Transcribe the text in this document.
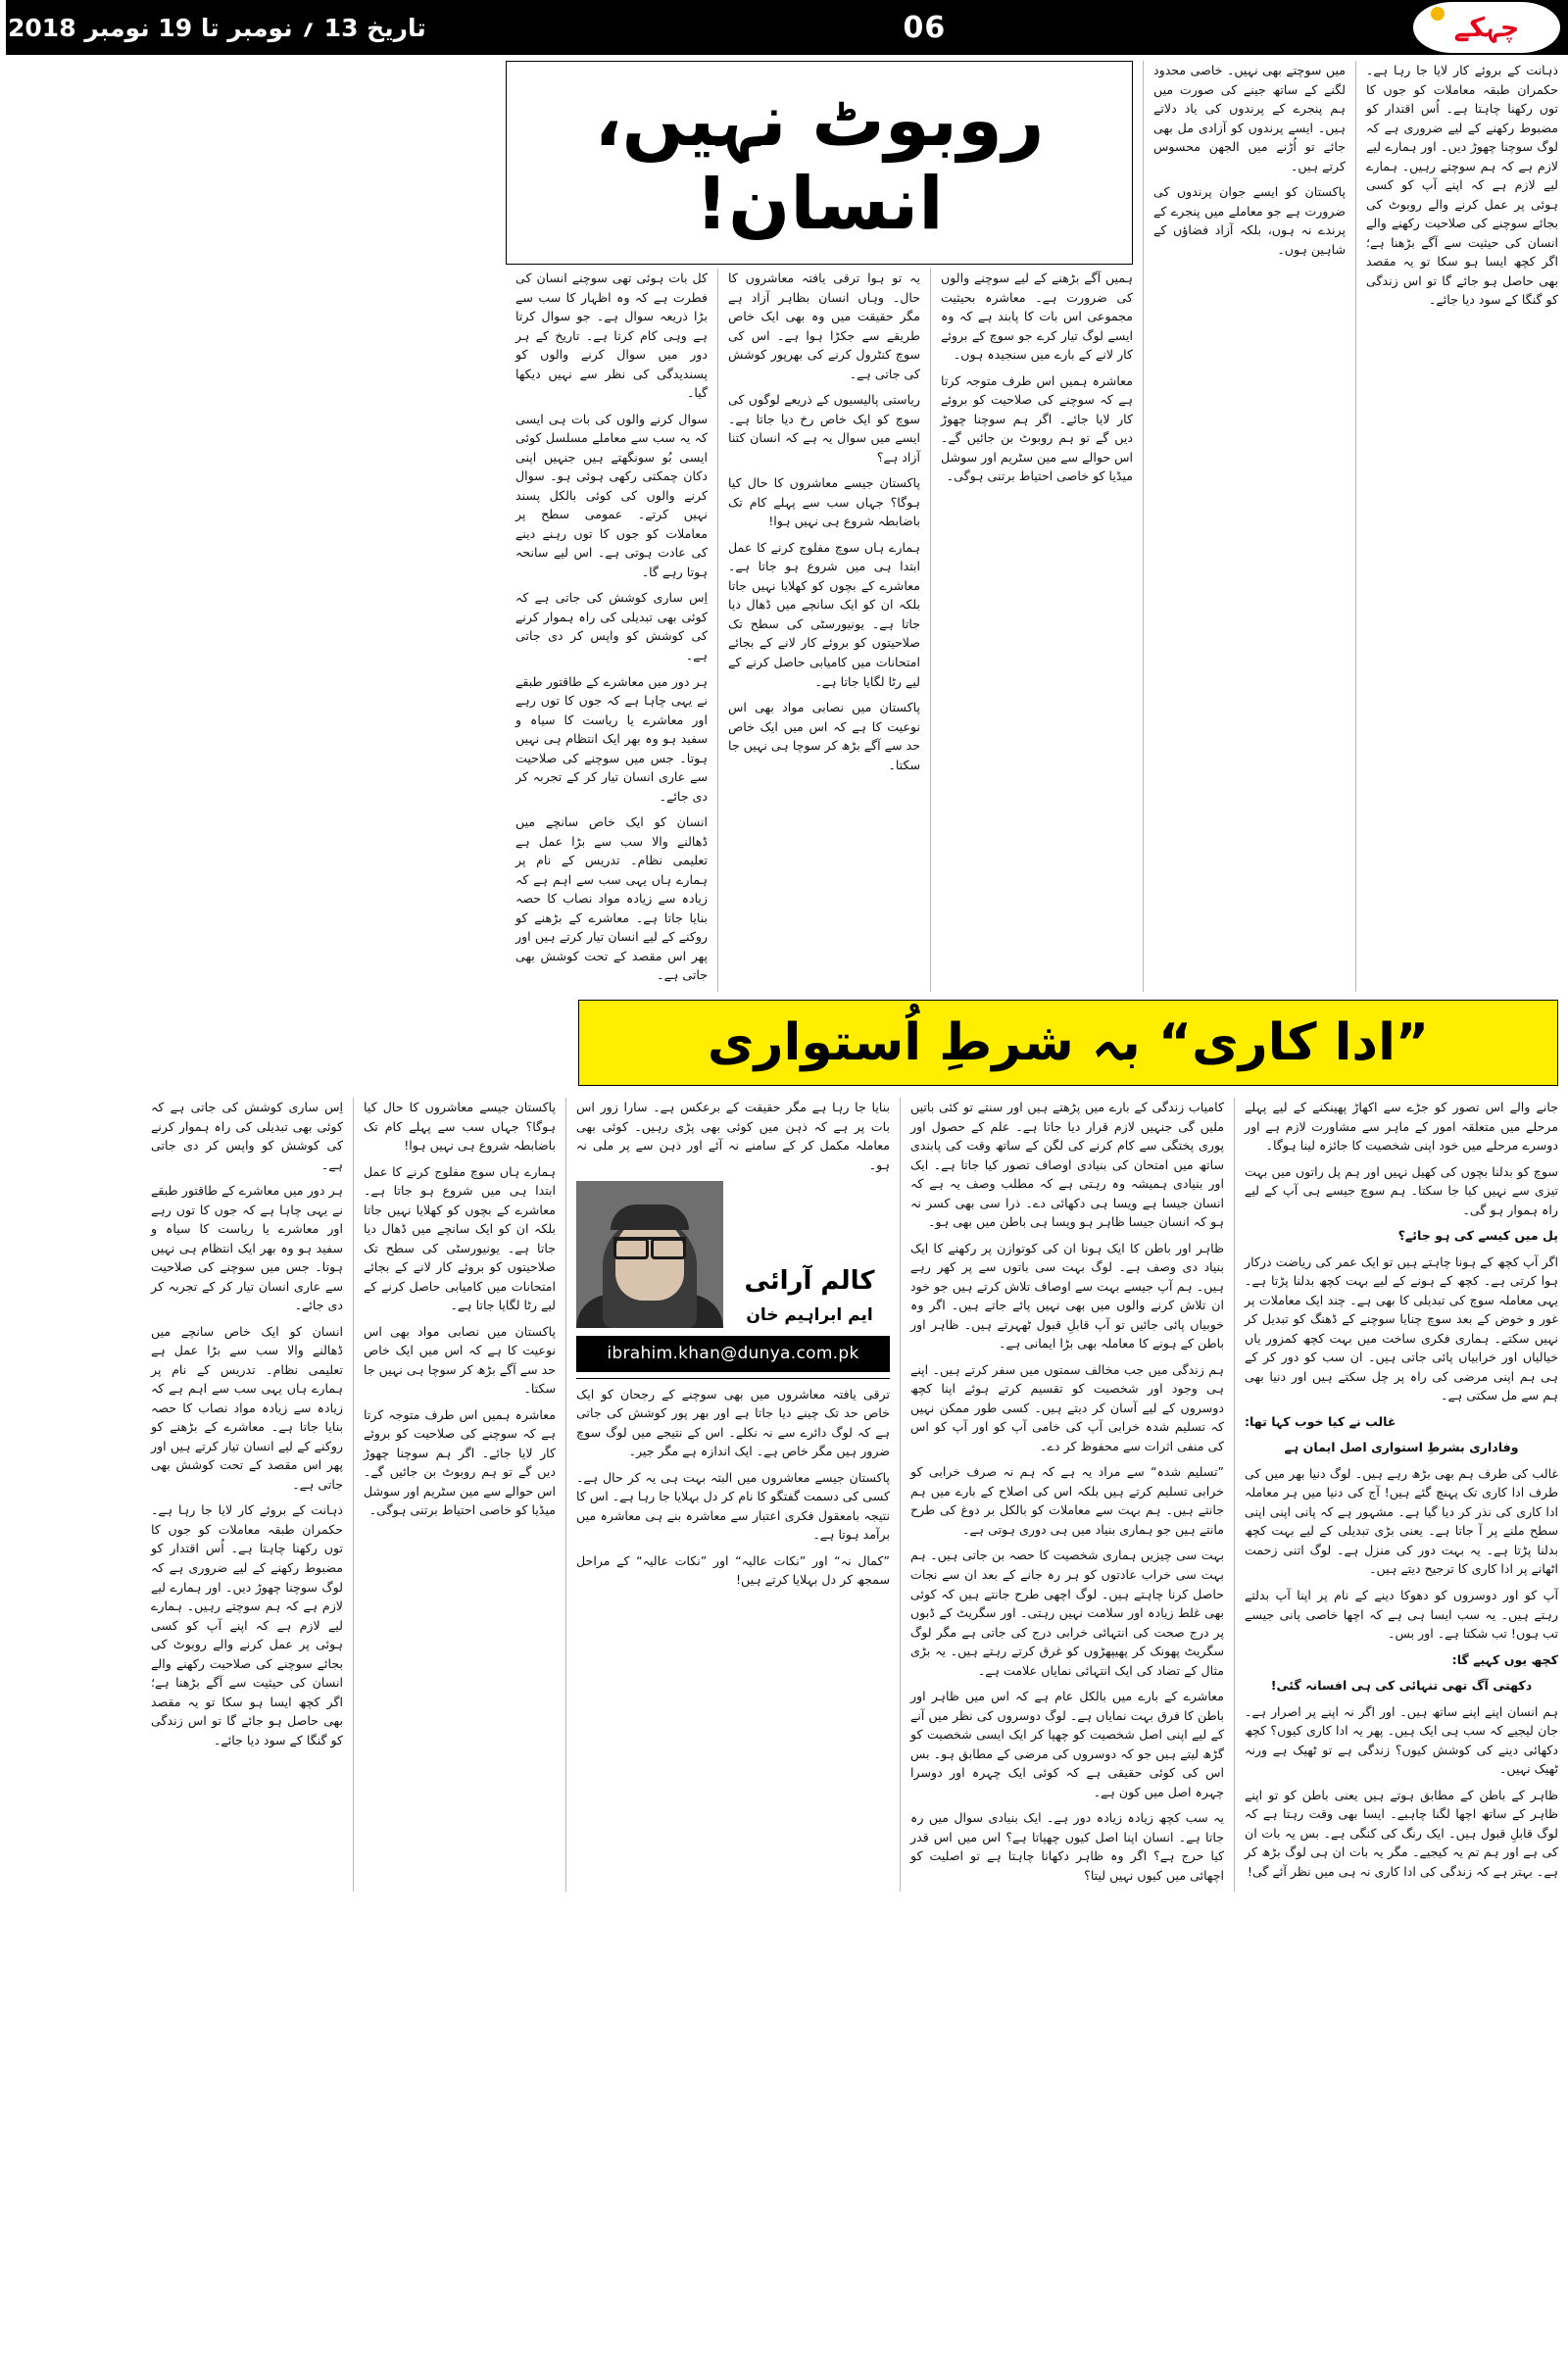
چہکے
06
تاریخ 13 ؍ نومبر تا 19 نومبر 2018

ذہانت کے بروئے کار لایا جا رہا ہے۔ حکمران طبقہ معاملات کو جوں کا توں رکھنا چاہتا ہے۔ اُس اقتدار کو مضبوط رکھنے کے لیے ضروری ہے کہ لوگ سوچنا چھوڑ دیں۔ اور ہمارے لیے لازم ہے کہ ہم سوچتے رہیں۔ ہمارے لیے لازم ہے کہ اپنے آپ کو کسی ہوئی پر عمل کرنے والے روبوٹ کی بجائے سوچنے کی صلاحیت رکھنے والے انسان کی حیثیت سے آگے بڑھنا ہے؛ اگر کچھ ایسا ہو سکا تو یہ مقصد بھی حاصل ہو جائے گا تو اس زندگی کو گنگا کے سود دیا جائے۔

میں سوچتے بھی نہیں۔ خاصی محدود لگنے کے ساتھ جینے کی صورت میں ہم پنجرے کے پرندوں کی یاد دلاتے ہیں۔ ایسے پرندوں کو آزادی مل بھی جائے تو اُڑنے میں الجھن محسوس کرتے ہیں۔

پاکستان کو ایسے جوان پرندوں کی ضرورت ہے جو معاملے میں پنجرے کے پرندے نہ ہوں، بلکہ آزاد فضاؤں کے شاہین ہوں۔

روبوٹ نہیں، انسان!

ہمیں آگے بڑھنے کے لیے سوچنے والوں کی ضرورت ہے۔ معاشرہ بحیثیت مجموعی اس بات کا پابند ہے کہ وہ ایسے لوگ تیار کرے جو سوچ کے بروئے کار لانے کے بارے میں سنجیدہ ہوں۔

معاشرہ ہمیں اس طرف متوجہ کرتا ہے کہ سوچنے کی صلاحیت کو بروئے کار لایا جائے۔ اگر ہم سوچنا چھوڑ دیں گے تو ہم روبوٹ بن جائیں گے۔ اس حوالے سے مین سٹریم اور سوشل میڈیا کو خاصی احتیاط برتنی ہوگی۔

یہ تو ہوا ترقی یافتہ معاشروں کا حال۔ وہاں انسان بظاہر آزاد ہے مگر حقیقت میں وہ بھی ایک خاص طریقے سے جکڑا ہوا ہے۔ اس کی سوچ کنٹرول کرنے کی بھرپور کوشش کی جاتی ہے۔

ریاستی پالیسیوں کے ذریعے لوگوں کی سوچ کو ایک خاص رخ دیا جاتا ہے۔ ایسے میں سوال یہ ہے کہ انسان کتنا آزاد ہے؟

پاکستان جیسے معاشروں کا حال کیا ہوگا؟ جہاں سب سے پہلے کام تک باضابطہ شروع ہی نہیں ہوا!

ہمارے ہاں سوچ مفلوج کرنے کا عمل ابتدا ہی میں شروع ہو جاتا ہے۔ معاشرے کے بچوں کو کھلایا نہیں جاتا بلکہ ان کو ایک سانچے میں ڈھال دیا جاتا ہے۔ یونیورسٹی کی سطح تک صلاحیتوں کو بروئے کار لانے کے بجائے امتحانات میں کامیابی حاصل کرنے کے لیے رٹا لگایا جاتا ہے۔

پاکستان میں نصابی مواد بھی اس نوعیت کا ہے کہ اس میں ایک خاص حد سے آگے بڑھ کر سوچا ہی نہیں جا سکتا۔

کل بات ہوئی تھی سوچنے انسان کی فطرت ہے کہ وہ اظہار کا سب سے بڑا ذریعہ سوال ہے۔ جو سوال کرتا ہے وہی کام کرتا ہے۔ تاریخ کے ہر دور میں سوال کرنے والوں کو پسندیدگی کی نظر سے نہیں دیکھا گیا۔

سوال کرنے والوں کی بات ہی ایسی کہ یہ سب سے معاملے مسلسل کوئی ایسی بُو سونگھتے ہیں جنہیں اپنی دکان چمکتی رکھی ہوئی ہو۔ سوال کرنے والوں کی کوئی بالکل پسند نہیں کرتے۔ عمومی سطح پر معاملات کو جوں کا توں رہنے دینے کی عادت ہوتی ہے۔ اس لیے سانحہ ہوتا رہے گا۔

اِس ساری کوشش کی جاتی ہے کہ کوئی بھی تبدیلی کی راہ ہموار کرنے کی کوشش کو واپس کر دی جاتی ہے۔

ہر دور میں معاشرے کے طاقتور طبقے نے یہی چاہا ہے کہ جوں کا توں رہے اور معاشرے یا ریاست کا سیاہ و سفید ہو وہ بھر ایک انتظام ہی نہیں ہوتا۔ جس میں سوچنے کی صلاحیت سے عاری انسان تیار کر کے تجربہ کر دی جائے۔

انسان کو ایک خاص سانچے میں ڈھالنے والا سب سے بڑا عمل ہے تعلیمی نظام۔ تدریس کے نام پر ہمارے ہاں یہی سب سے اہم ہے کہ زیادہ سے زیادہ مواد نصاب کا حصہ بنایا جاتا ہے۔ معاشرے کے بڑھنے کو روکنے کے لیے انسان تیار کرتے ہیں اور پھر اس مقصد کے تحت کوشش بھی جاتی ہے۔

”ادا کاری“ بہ شرطِ اُستواری

جانے والے اس تصور کو جڑے سے اکھاڑ پھینکنے کے لیے پہلے مرحلے میں متعلقہ امور کے ماہر سے مشاورت لازم ہے اور دوسرے مرحلے میں خود اپنی شخصیت کا جائزہ لینا ہوگا۔

سوچ کو بدلنا بچوں کی کھیل نہیں اور ہم پل راتوں میں بہت تیزی سے نہیں کیا جا سکتا۔ ہم سوچ جیسے ہی آپ کے لیے راہ ہموار ہو گی۔

پل میں کیسے کی ہو جائے؟

اگر آپ کچھ کے ہونا چاہتے ہیں تو ایک عمر کی ریاضت درکار ہوا کرتی ہے۔ کچھ کے ہونے کے لیے بہت کچھ بدلنا پڑتا ہے۔ یہی معاملہ سوچ کی تبدیلی کا بھی ہے۔ چند ایک معاملات پر غور و خوض کے بعد سوچ چنایا سوچنے کے ڈھنگ کو تبدیل کر نہیں سکتے۔ ہماری فکری ساخت میں بہت کچھ کمزور یاں خیالیاں اور خرابیاں پائی جاتی ہیں۔ ان سب کو دور کر کے ہی ہم اپنی مرضی کی راہ پر چل سکتے ہیں اور دنیا بھی ہم سے مل سکتی ہے۔

غالب نے کیا خوب کہا تھا:

وفاداری بشرطِ استواری اصل ایمان ہے

غالب کی طرف ہم بھی بڑھ رہے ہیں۔ لوگ دنیا بھر میں کی طرف ادا کاری تک پہنچ گئے ہیں! آج کی دنیا میں ہر معاملہ ادا کاری کی نذر کر دیا گیا ہے۔ مشہور ہے کہ پانی اپنی اپنی سطح ملنے پر آ جاتا ہے۔ یعنی بڑی تبدیلی کے لیے بہت کچھ بدلنا پڑتا ہے۔ یہ بہت دور کی منزل ہے۔ لوگ اتنی زحمت اٹھانے پر ادا کاری کا ترجیح دیتے ہیں۔

آپ کو اور دوسروں کو دھوکا دینے کے نام پر اپنا آپ بدلتے رہتے ہیں۔ یہ سب ایسا ہی ہے کہ اچھا خاصی پانی جیسے تب ہوں! تب شکتا ہے۔ اور بس۔

کچھ یوں کہیے گا:

دکھتی آگ تھی تنہائی کی ہی افسانہ گئی!

ہم انسان اپنے اپنے ساتھ ہیں۔ اور اگر نہ اپنے پر اصرار ہے۔ جان لیجیے کہ سب ہی ایک ہیں۔ پھر یہ ادا کاری کیوں؟ کچھ دکھائی دینے کی کوشش کیوں؟ زندگی ہے تو ٹھیک ہے ورنہ ٹھیک نہیں۔

ظاہر کے باطن کے مطابق ہوتے ہیں یعنی باطن کو تو اپنے ظاہر کے ساتھ اچھا لگنا چاہیے۔ ایسا بھی وقت رہتا ہے کہ لوگ قابلِ قبول ہیں۔ ایک رنگ کی کنگی ہے۔ بس یہ بات ان کی ہے اور ہم تم یہ کیجیے۔ مگر یہ بات ان ہی لوگ بڑھ کر ہے۔ بہتر ہے کہ زندگی کی ادا کاری نہ ہی میں نظر آئے گی!

کامیاب زندگی کے بارے میں پڑھتے ہیں اور سنتے تو کئی باتیں ملیں گی جنہیں لازم قرار دیا جاتا ہے۔ علم کے حصول اور پوری پختگی سے کام کرنے کی لگن کے ساتھ وقت کی پابندی ساتھ میں امتحان کی بنیادی اوصاف تصور کیا جاتا ہے۔ ایک اور بنیادی ہمیشہ وہ رہتی ہے کہ مطلب وصف یہ ہے کہ انسان جیسا ہے ویسا ہی دکھائی دے۔ ذرا سی بھی کسر نہ ہو کہ انسان جیسا ظاہر ہو ویسا ہی باطن میں بھی ہو۔

ظاہر اور باطن کا ایک ہونا ان کی کوتوازن پر رکھنے کا ایک بنیاد دی وصف ہے۔ لوگ بہت سی باتوں سے پر کھر رہے ہیں۔ ہم آپ جیسے بہت سے اوصاف تلاش کرتے ہیں جو خود ان تلاش کرنے والوں میں بھی نہیں پائے جاتے ہیں۔ اگر وہ خوبیاں پائی جائیں تو آپ قابلِ قبول ٹھہرتے ہیں۔ ظاہر اور باطن کے ہونے کا معاملہ بھی بڑا ایمانی ہے۔

ہم زندگی میں جب مخالف سمتوں میں سفر کرتے ہیں۔ اپنے ہی وجود اور شخصیت کو تقسیم کرتے ہوئے اپنا کچھ دوسروں کے لیے آسان کر دیتے ہیں۔ کسی طور ممکن نہیں کہ تسلیم شدہ خرابی آپ کی خامی آپ کو اور آپ کو اس کی منفی اثرات سے محفوظ کر دے۔

”تسلیم شدہ“ سے مراد یہ ہے کہ ہم نہ صرف خرابی کو خرابی تسلیم کرتے ہیں بلکہ اس کی اصلاح کے بارے میں ہم جانتے ہیں۔ ہم بہت سے معاملات کو بالکل بر دوغ کی طرح مانتے ہیں جو ہماری بنیاد میں ہی دوری ہوتی ہے۔

بہت سی چیزیں ہماری شخصیت کا حصہ بن جاتی ہیں۔ ہم بہت سی خراب عادتوں کو ہر رہ جانے کے بعد ان سے نجات حاصل کرنا چاہتے ہیں۔ لوگ اچھی طرح جانتے ہیں کہ کوئی بھی غلط زیادہ اور سلامت نہیں رہتی۔ اور سگریٹ کے ڈبوں پر درج صحت کی انتہائی خرابی درج کی جاتی ہے مگر لوگ سگریٹ پھونک کر پھیپھڑوں کو غرق کرتے رہتے ہیں۔ یہ بڑی مثال کے تضاد کی ایک انتہائی نمایاں علامت ہے۔

معاشرے کے بارے میں بالکل عام ہے کہ اس میں ظاہر اور باطن کا فرق بہت نمایاں ہے۔ لوگ دوسروں کی نظر میں آنے کے لیے اپنی اصل شخصیت کو چھپا کر ایک ایسی شخصیت کو گڑھ لیتے ہیں جو کہ دوسروں کی مرضی کے مطابق ہو۔ بس اس کی کوئی حقیقی ہے کہ کوئی ایک چہرہ اور دوسرا چہرہ اصل میں کون ہے۔

یہ سب کچھ زیادہ زیادہ دور ہے۔ ایک بنیادی سوال میں رہ جاتا ہے۔ انسان اپنا اصل کیوں چھپاتا ہے؟ اس میں اس قدر کیا حرج ہے؟ اگر وہ ظاہر دکھانا چاہتا ہے تو اصلیت کو اچھائی میں کیوں نہیں لیتا؟

بنایا جا رہا ہے مگر حقیقت کے برعکس ہے۔ سارا زور اس بات پر ہے کہ ذہن میں کوئی بھی پڑی رہیں۔ کوئی بھی معاملہ مکمل کر کے سامنے نہ آئے اور ذہن سے پر ملی نہ ہو۔

کالم آرائی
ایم ابراہیم خان
ibrahim.khan@dunya.com.pk

ترقی یافتہ معاشروں میں بھی سوچنے کے رجحان کو ایک خاص حد تک چینے دیا جاتا ہے اور بھر پور کوشش کی جاتی ہے کہ لوگ دائرے سے نہ نکلے۔ اس کے نتیجے میں لوگ سوچ ضرور ہیں مگر خاص ہے۔ ایک اندازہ ہے مگر جیر۔

پاکستان جیسے معاشروں میں البتہ بہت ہی یہ کر حال ہے۔ کسی کی دسمت گفتگو کا نام کر دل بہلایا جا رہا ہے۔ اس کا نتیجہ بامعقول فکری اعتبار سے معاشرہ بنے ہی معاشرہ میں برآمد ہوتا ہے۔

”کمال نہ“ اور ”نکات عالیہ“ اور ”نکات عالیہ“ کے مراحل سمجھ کر دل بہلایا کرتے ہیں!

پاکستان جیسے معاشروں کا حال کیا ہوگا؟ جہاں سب سے پہلے کام تک باضابطہ شروع ہی نہیں ہوا!

ہمارے ہاں سوچ مفلوج کرنے کا عمل ابتدا ہی میں شروع ہو جاتا ہے۔ معاشرے کے بچوں کو کھلایا نہیں جاتا بلکہ ان کو ایک سانچے میں ڈھال دیا جاتا ہے۔ یونیورسٹی کی سطح تک صلاحیتوں کو بروئے کار لانے کے بجائے امتحانات میں کامیابی حاصل کرنے کے لیے رٹا لگایا جاتا ہے۔

پاکستان میں نصابی مواد بھی اس نوعیت کا ہے کہ اس میں ایک خاص حد سے آگے بڑھ کر سوچا ہی نہیں جا سکتا۔

معاشرہ ہمیں اس طرف متوجہ کرتا ہے کہ سوچنے کی صلاحیت کو بروئے کار لایا جائے۔ اگر ہم سوچنا چھوڑ دیں گے تو ہم روبوٹ بن جائیں گے۔ اس حوالے سے مین سٹریم اور سوشل میڈیا کو خاصی احتیاط برتنی ہوگی۔

اِس ساری کوشش کی جاتی ہے کہ کوئی بھی تبدیلی کی راہ ہموار کرنے کی کوشش کو واپس کر دی جاتی ہے۔

ہر دور میں معاشرے کے طاقتور طبقے نے یہی چاہا ہے کہ جوں کا توں رہے اور معاشرے یا ریاست کا سیاہ و سفید ہو وہ بھر ایک انتظام ہی نہیں ہوتا۔ جس میں سوچنے کی صلاحیت سے عاری انسان تیار کر کے تجربہ کر دی جائے۔

انسان کو ایک خاص سانچے میں ڈھالنے والا سب سے بڑا عمل ہے تعلیمی نظام۔ تدریس کے نام پر ہمارے ہاں یہی سب سے اہم ہے کہ زیادہ سے زیادہ مواد نصاب کا حصہ بنایا جاتا ہے۔ معاشرے کے بڑھنے کو روکنے کے لیے انسان تیار کرتے ہیں اور پھر اس مقصد کے تحت کوشش بھی جاتی ہے۔

ذہانت کے بروئے کار لایا جا رہا ہے۔ حکمران طبقہ معاملات کو جوں کا توں رکھنا چاہتا ہے۔ اُس اقتدار کو مضبوط رکھنے کے لیے ضروری ہے کہ لوگ سوچنا چھوڑ دیں۔ اور ہمارے لیے لازم ہے کہ ہم سوچتے رہیں۔ ہمارے لیے لازم ہے کہ اپنے آپ کو کسی ہوئی پر عمل کرنے والے روبوٹ کی بجائے سوچنے کی صلاحیت رکھنے والے انسان کی حیثیت سے آگے بڑھنا ہے؛ اگر کچھ ایسا ہو سکا تو یہ مقصد بھی حاصل ہو جائے گا تو اس زندگی کو گنگا کے سود دیا جائے۔
